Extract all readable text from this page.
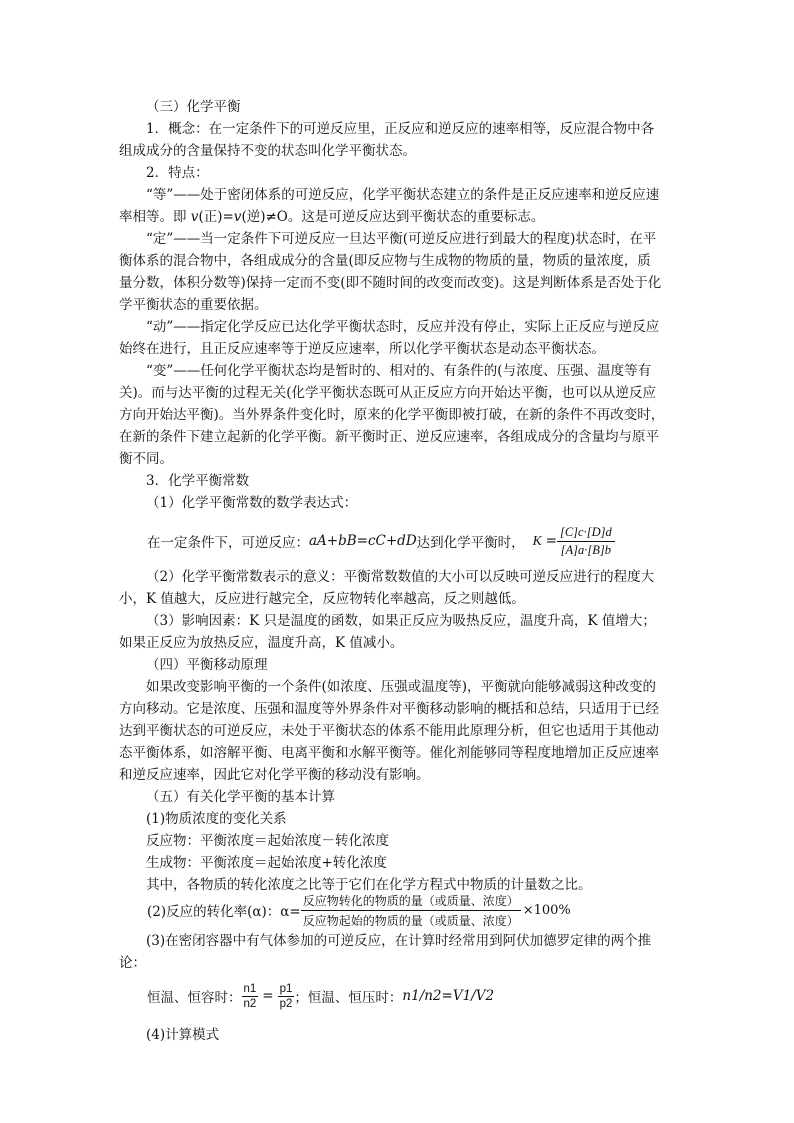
（三）化学平衡
1．概念：在一定条件下的可逆反应里，正反应和逆反应的速率相等，反应混合物中各
组成成分的含量保持不变的状态叫化学平衡状态。
2．特点：
“等”——处于密闭体系的可逆反应，化学平衡状态建立的条件是正反应速率和逆反应速
率相等。即 v(正)=v(逆)≠O。这是可逆反应达到平衡状态的重要标志。
“定”——当一定条件下可逆反应一旦达平衡(可逆反应进行到最大的程度)状态时，在平
衡体系的混合物中，各组成成分的含量(即反应物与生成物的物质的量，物质的量浓度，质
量分数，体积分数等)保持一定而不变(即不随时间的改变而改变)。这是判断体系是否处于化
学平衡状态的重要依据。
“动”——指定化学反应已达化学平衡状态时，反应并没有停止，实际上正反应与逆反应
始终在进行，且正反应速率等于逆反应速率，所以化学平衡状态是动态平衡状态。
“变”——任何化学平衡状态均是暂时的、相对的、有条件的(与浓度、压强、温度等有
关)。而与达平衡的过程无关(化学平衡状态既可从正反应方向开始达平衡，也可以从逆反应
方向开始达平衡)。当外界条件变化时，原来的化学平衡即被打破，在新的条件不再改变时，
在新的条件下建立起新的化学平衡。新平衡时正、逆反应速率，各组成成分的含量均与原平
衡不同。
3．化学平衡常数
（1）化学平衡常数的数学表达式：
在一定条件下，可逆反应： aA+bB=cC+dD 达到化学平衡时， $K = \frac{[C]c\cdot[D]d}{[A]a\cdot[B]b}$
（2）化学平衡常数表示的意义：平衡常数数值的大小可以反映可逆反应进行的程度大
小，K 值越大，反应进行越完全，反应物转化率越高，反之则越低。
（3）影响因素：K 只是温度的函数，如果正反应为吸热反应，温度升高，K 值增大；
如果正反应为放热反应，温度升高，K 值减小。
（四）平衡移动原理
如果改变影响平衡的一个条件(如浓度、压强或温度等)，平衡就向能够减弱这种改变的
方向移动。它是浓度、压强和温度等外界条件对平衡移动影响的概括和总结，只适用于已经
达到平衡状态的可逆反应，未处于平衡状态的体系不能用此原理分析，但它也适用于其他动
态平衡体系，如溶解平衡、电离平衡和水解平衡等。催化剂能够同等程度地增加正反应速率
和逆反应速率，因此它对化学平衡的移动没有影响。
（五）有关化学平衡的基本计算
(1)物质浓度的变化关系
反应物：平衡浓度＝起始浓度－转化浓度
生成物：平衡浓度＝起始浓度+转化浓度
其中，各物质的转化浓度之比等于它们在化学方程式中物质的计量数之比。
(2)反应的转化率(α)：$\alpha= \frac{\text{反应物转化的物质的量（或质量、浓度）}}{\text{反应物起始的物质的量（或质量、浓度）}} \times 100\%$
(3)在密闭容器中有气体参加的可逆反应，在计算时经常用到阿伏加德罗定律的两个推
论：
恒温、恒容时： $\frac{n1}{n2} = \frac{p1}{p2}$ ；恒温、恒压时： n1/n2=V1/V2
(4)计算模式
